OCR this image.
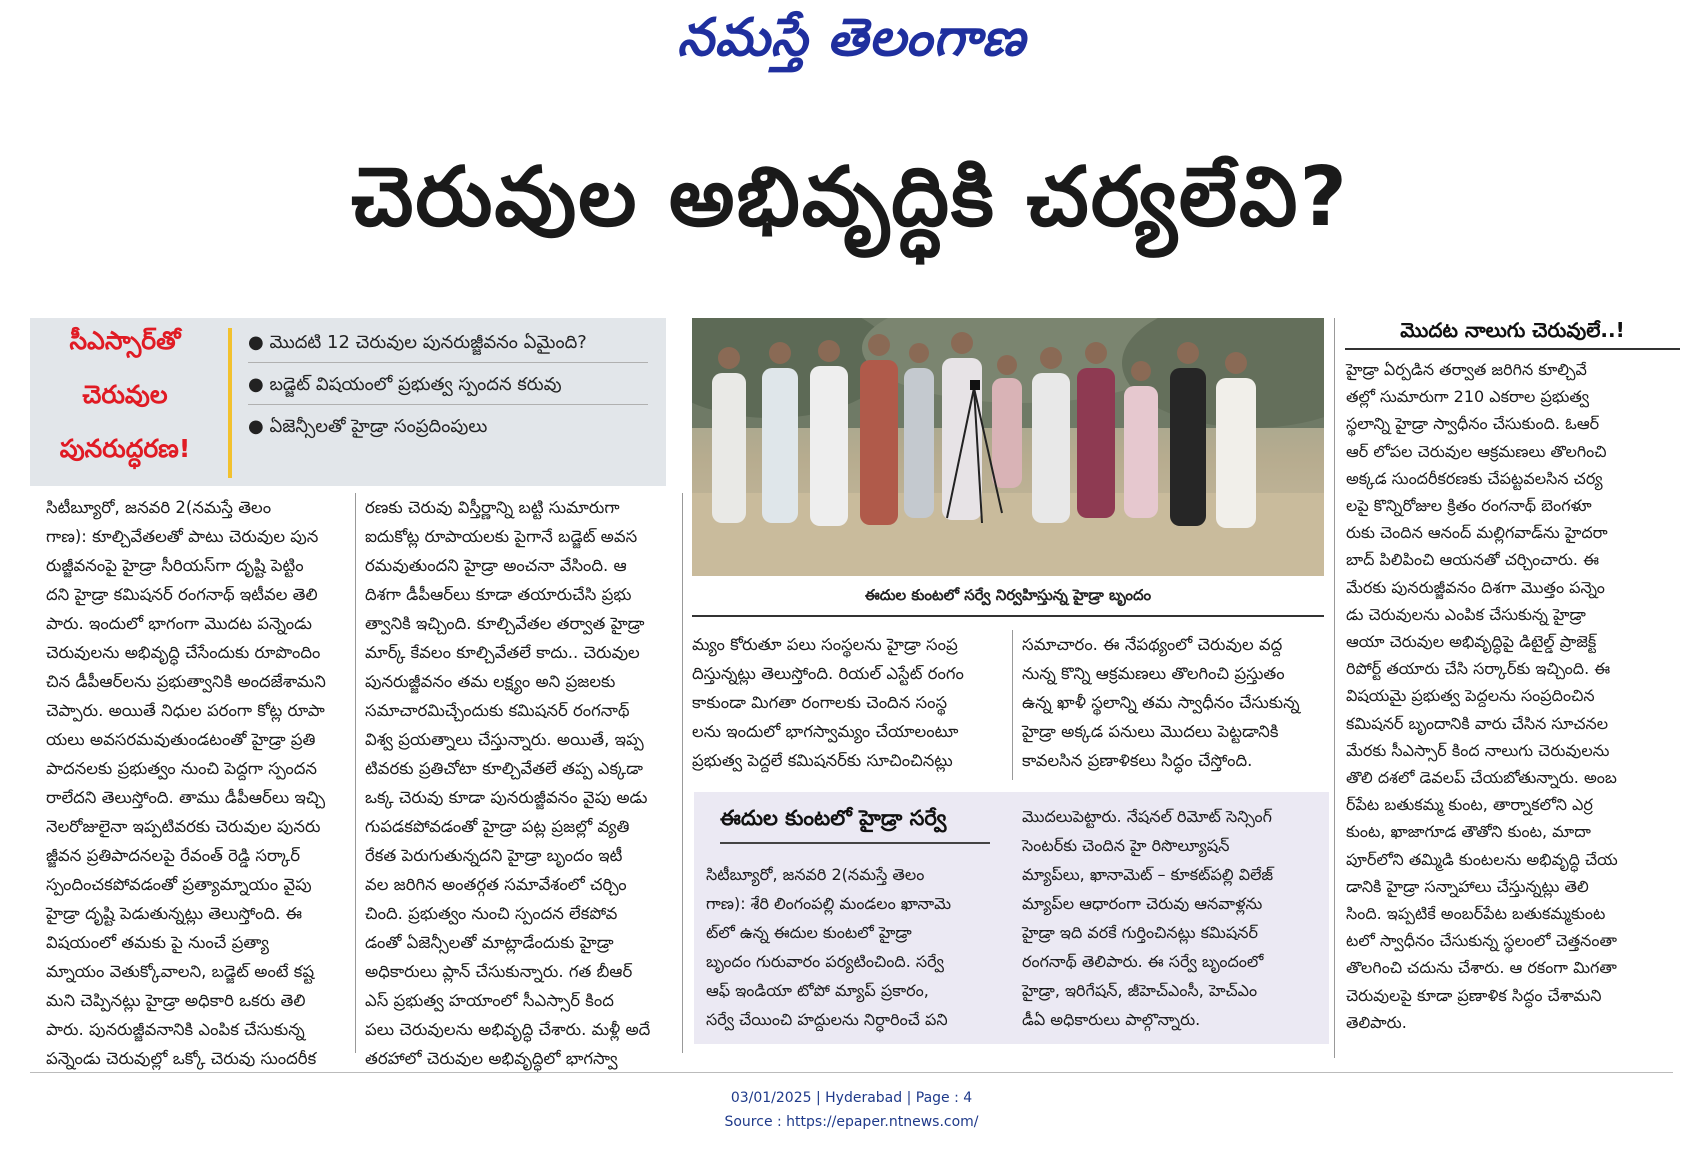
నమస్తే తెలంగాణ
చెరువుల అభివృద్ధికి చర్యలేవి?
సీఎస్సార్‌తో
చెరువుల
పునరుద్ధరణ!
● మొదటి 12 చెరువుల పునరుజ్జీవనం ఏమైంది?
● బడ్జెట్ విషయంలో ప్రభుత్వ స్పందన కరువు
● ఏజెన్సీలతో హైడ్రా సంప్రదింపులు
ఈదుల కుంటలో సర్వే నిర్వహిస్తున్న హైడ్రా బృందం
సిటీబ్యూరో, జనవరి 2(నమస్తే తెలం
గాణ): కూల్చివేతలతో పాటు చెరువుల పున
రుజ్జీవనంపై హైడ్రా సీరియస్‌గా దృష్టి పెట్టిం
దని హైడ్రా కమిషనర్ రంగనాథ్ ఇటీవల తెలి
పారు. ఇందులో భాగంగా మొదట పన్నెండు
చెరువులను అభివృద్ధి చేసేందుకు రూపొందిం
చిన డీపీఆర్‌లను ప్రభుత్వానికి అందజేశామని
చెప్పారు. అయితే నిధుల పరంగా కోట్ల రూపా
యలు అవసరమవుతుండటంతో హైడ్రా ప్రతి
పాదనలకు ప్రభుత్వం నుంచి పెద్దగా స్పందన
రాలేదని తెలుస్తోంది. తాము డీపీఆర్‌లు ఇచ్చి
నెలరోజులైనా ఇప్పటివరకు చెరువుల పునరు
జ్జీవన ప్రతిపాదనలపై రేవంత్ రెడ్డి సర్కార్
స్పందించకపోవడంతో ప్రత్యామ్నాయం వైపు
హైడ్రా దృష్టి పెడుతున్నట్లు తెలుస్తోంది. ఈ
విషయంలో తమకు పై నుంచే ప్రత్యా
మ్నాయం వెతుక్కోవాలని, బడ్జెట్ అంటే కష్ట
మని చెప్పినట్లు హైడ్రా అధికారి ఒకరు తెలి
పారు. పునరుజ్జీవనానికి ఎంపిక చేసుకున్న
పన్నెండు చెరువుల్లో ఒక్కో చెరువు సుందరీక
రణకు చెరువు విస్తీర్ణాన్ని బట్టి సుమారుగా
ఐదుకోట్ల రూపాయలకు పైగానే బడ్జెట్ అవస
రమవుతుందని హైడ్రా అంచనా వేసింది. ఆ
దిశగా డీపీఆర్‌లు కూడా తయారుచేసి ప్రభు
త్వానికి ఇచ్చింది. కూల్చివేతల తర్వాత హైడ్రా
మార్క్ కేవలం కూల్చివేతలే కాదు.. చెరువుల
పునరుజ్జీవనం తమ లక్ష్యం అని ప్రజలకు
సమాచారమిచ్చేందుకు కమిషనర్ రంగనాథ్
విశ్వ ప్రయత్నాలు చేస్తున్నారు. అయితే, ఇప్ప
టివరకు ప్రతిచోటా కూల్చివేతలే తప్ప ఎక్కడా
ఒక్క చెరువు కూడా పునరుజ్జీవనం వైపు అడు
గుపడకపోవడంతో హైడ్రా పట్ల ప్రజల్లో వ్యతి
రేకత పెరుగుతున్నదని హైడ్రా బృందం ఇటీ
వల జరిగిన అంతర్గత సమావేశంలో చర్చిం
చింది. ప్రభుత్వం నుంచి స్పందన లేకపోవ
డంతో ఏజెన్సీలతో మాట్లాడేందుకు హైడ్రా
అధికారులు ప్లాన్ చేసుకున్నారు. గత బీఆర్
ఎస్ ప్రభుత్వ హయాంలో సీఎస్సార్ కింద
పలు చెరువులను అభివృద్ధి చేశారు. మళ్లీ అదే
తరహాలో చెరువుల అభివృద్ధిలో భాగస్వా
మ్యం కోరుతూ పలు సంస్థలను హైడ్రా సంప్ర
దిస్తున్నట్లు తెలుస్తోంది. రియల్ ఎస్టేట్ రంగం
కాకుండా మిగతా రంగాలకు చెందిన సంస్థ
లను ఇందులో భాగస్వామ్యం చేయాలంటూ
ప్రభుత్వ పెద్దలే కమిషనర్‌కు సూచించినట్లు
సమాచారం. ఈ నేపథ్యంలో చెరువుల వద్ద
నున్న కొన్ని ఆక్రమణలు తొలగించి ప్రస్తుతం
ఉన్న ఖాళీ స్థలాన్ని తమ స్వాధీనం చేసుకున్న
హైడ్రా అక్కడ పనులు మొదలు పెట్టడానికి
కావలసిన ప్రణాళికలు సిద్ధం చేస్తోంది.
ఈదుల కుంటలో హైడ్రా సర్వే
సిటీబ్యూరో, జనవరి 2(నమస్తే తెలం
గాణ): శేరి లింగంపల్లి మండలం ఖానామె
ట్‌లో ఉన్న ఈదుల కుంటలో హైడ్రా
బృందం గురువారం పర్యటించింది. సర్వే
ఆఫ్ ఇండియా టోపో మ్యాప్ ప్రకారం,
సర్వే చేయించి హద్దులను నిర్ధారించే పని
మొదలుపెట్టారు. నేషనల్ రిమోట్ సెన్సింగ్
సెంటర్‌కు చెందిన హై రిసొల్యూషన్
మ్యాప్‌లు, ఖానామెట్ – కూకట్‌పల్లి విలేజ్
మ్యాప్‌ల ఆధారంగా చెరువు ఆనవాళ్లను
హైడ్రా ఇది వరకే గుర్తించినట్లు కమిషనర్
రంగనాథ్ తెలిపారు. ఈ సర్వే బృందంలో
హైడ్రా, ఇరిగేషన్, జీహెచ్ఎంసీ, హెచ్ఎం
డీఏ అధికారులు పాల్గొన్నారు.
మొదట నాలుగు చెరువులే..!
హైడ్రా ఏర్పడిన తర్వాత జరిగిన కూల్చివే
తల్లో సుమారుగా 210 ఎకరాల ప్రభుత్వ
స్థలాన్ని హైడ్రా స్వాధీనం చేసుకుంది. ఓఆర్
ఆర్ లోపల చెరువుల ఆక్రమణలు తొలగించి
అక్కడ సుందరీకరణకు చేపట్టవలసిన చర్య
లపై కొన్నిరోజుల క్రితం రంగనాథ్ బెంగళూ
రుకు చెందిన ఆనంద్ మల్లిగవాడ్‌ను హైదరా
బాద్ పిలిపించి ఆయనతో చర్చించారు. ఈ
మేరకు పునరుజ్జీవనం దిశగా మొత్తం పన్నెం
డు చెరువులను ఎంపిక చేసుకున్న హైడ్రా
ఆయా చెరువుల అభివృద్ధిపై డిటైల్డ్ ప్రాజెక్ట్
రిపోర్ట్ తయారు చేసి సర్కార్‌కు ఇచ్చింది. ఈ
విషయమై ప్రభుత్వ పెద్దలను సంప్రదించిన
కమిషనర్ బృందానికి వారు చేసిన సూచనల
మేరకు సీఎస్సార్ కింద నాలుగు చెరువులను
తొలి దశలో డెవలప్ చేయబోతున్నారు. అంబ
ర్‌పేట బతుకమ్మ కుంట, తార్నాకలోని ఎర్ర
కుంట, ఖాజాగూడ తౌతోని కుంట, మాదా
పూర్‌లోని తమ్మిడి కుంటలను అభివృద్ధి చేయ
డానికి హైడ్రా సన్నాహాలు చేస్తున్నట్లు తెలి
సింది. ఇప్పటికే అంబర్‌పేట బతుకమ్మకుంట
టలో స్వాధీనం చేసుకున్న స్థలంలో చెత్తనంతా
తొలగించి చదును చేశారు. ఆ రకంగా మిగతా
చెరువులపై కూడా ప్రణాళిక సిద్ధం చేశామని
తెలిపారు.
03/01/2025 | Hyderabad | Page : 4
Source : https://epaper.ntnews.com/
